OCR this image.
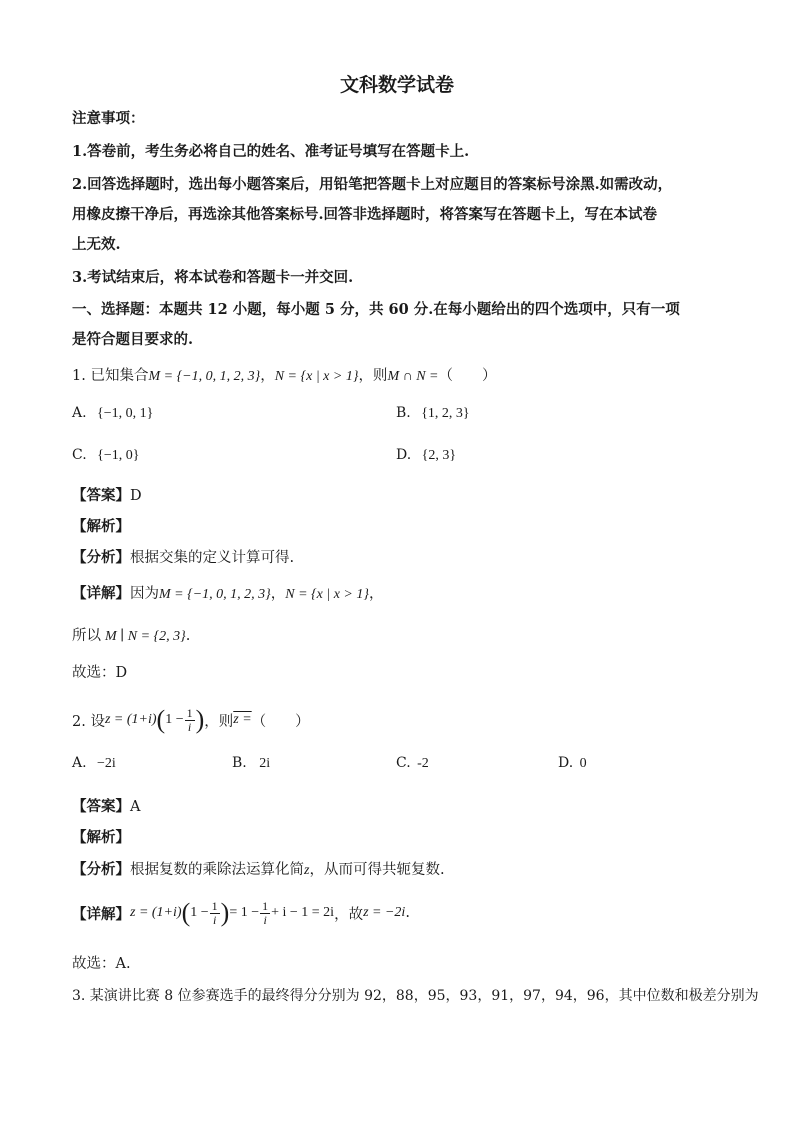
文科数学试卷
注意事项：
1.答卷前，考生务必将自己的姓名、准考证号填写在答题卡上.
2.回答选择题时，选出每小题答案后，用铅笔把答题卡上对应题目的答案标号涂黑.如需改动，
用橡皮擦干净后，再选涂其他答案标号.回答非选择题时，将答案写在答题卡上，写在本试卷
上无效.
3.考试结束后，将本试卷和答题卡一并交回.
一、选择题：本题共 12 小题，每小题 5 分，共 60 分.在每小题给出的四个选项中，只有一项
是符合题目要求的.
1. 已知集合M = {−1, 0, 1, 2, 3}，N = {x | x > 1}，则M ∩ N =（　　）
A. {−1, 0, 1}	B. {1, 2, 3}
C. {−1, 0}	D. {2, 3}
【答案】D
【解析】
【分析】根据交集的定义计算可得.
【详解】因为M = {−1, 0, 1, 2, 3}，N = {x | x > 1}，
所以 M ∣ N = {2, 3}.
故选：D
2. 设 z = (1+i) ( $1 - \frac{1}{i}$ ) ，则 z = （　　）
A. −2i	B. 2i	C. -2	D. 0
【答案】A
【解析】
【分析】根据复数的乘除法运算化简z，从而可得共轭复数.
【详解】 z = (1+i) ( $1 - \frac{1}{i}$ ) = $1 - \frac{1}{i} + i - 1 = 2i$ ，故 z = −2i .
故选：A.
3. 某演讲比赛 8 位参赛选手的最终得分分别为 92，88，95，93，91，97，94，96，其中位数和极差分别为
